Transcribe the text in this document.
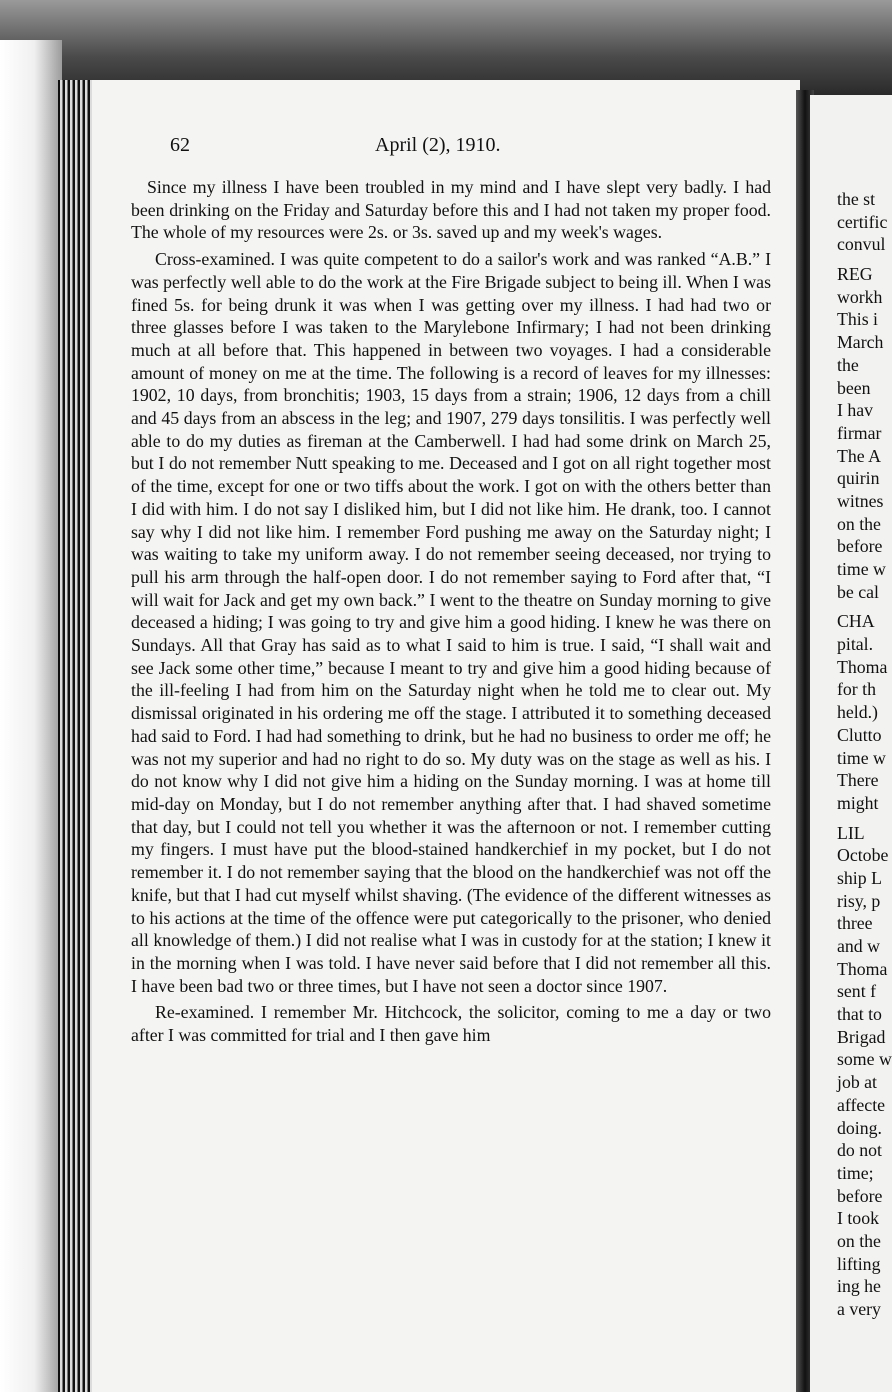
62	April (2), 1910.

Since my illness I have been troubled in my mind and I have slept very badly. I had been drinking on the Friday and Saturday before this and I had not taken my proper food. The whole of my resources were 2s. or 3s. saved up and my week's wages.

Cross-examined. I was quite competent to do a sailor's work and was ranked “A.B.” I was perfectly well able to do the work at the Fire Brigade subject to being ill. When I was fined 5s. for being drunk it was when I was getting over my illness. I had had two or three glasses before I was taken to the Marylebone Infirmary; I had not been drinking much at all before that. This happened in between two voyages. I had a considerable amount of money on me at the time. The following is a record of leaves for my illnesses: 1902, 10 days, from bronchitis; 1903, 15 days from a strain; 1906, 12 days from a chill and 45 days from an abscess in the leg; and 1907, 279 days tonsilitis. I was perfectly well able to do my duties as fireman at the Camberwell. I had had some drink on March 25, but I do not remember Nutt speaking to me. Deceased and I got on all right together most of the time, except for one or two tiffs about the work. I got on with the others better than I did with him. I do not say I disliked him, but I did not like him. He drank, too. I cannot say why I did not like him. I remember Ford pushing me away on the Saturday night; I was waiting to take my uniform away. I do not remember seeing deceased, nor trying to pull his arm through the half-open door. I do not remember saying to Ford after that, “I will wait for Jack and get my own back.” I went to the theatre on Sunday morning to give deceased a hiding; I was going to try and give him a good hiding. I knew he was there on Sundays. All that Gray has said as to what I said to him is true. I said, “I shall wait and see Jack some other time,” because I meant to try and give him a good hiding because of the ill-feeling I had from him on the Saturday night when he told me to clear out. My dismissal originated in his ordering me off the stage. I attributed it to something deceased had said to Ford. I had had something to drink, but he had no business to order me off; he was not my superior and had no right to do so. My duty was on the stage as well as his. I do not know why I did not give him a hiding on the Sunday morning. I was at home till mid-day on Monday, but I do not remember anything after that. I had shaved sometime that day, but I could not tell you whether it was the afternoon or not. I remember cutting my fingers. I must have put the blood-stained handkerchief in my pocket, but I do not remember it. I do not remember saying that the blood on the handkerchief was not off the knife, but that I had cut myself whilst shaving. (The evidence of the different witnesses as to his actions at the time of the offence were put categorically to the prisoner, who denied all knowledge of them.) I did not realise what I was in custody for at the station; I knew it in the morning when I was told. I have never said before that I did not remember all this. I have been bad two or three times, but I have not seen a doctor since 1907.

Re-examined. I remember Mr. Hitchcock, the solicitor, coming to me a day or two after I was committed for trial and I then gave him

the st
certific
convul
REG
workh
This i
March
the
been
I hav
firmar
The A
quirin
witnes
on the
before
time w
be cal
CHA
pital.
Thoma
for th
held.)
Clutto
time w
There
might
LIL
Octobe
ship L
risy, p
three
and w
Thoma
sent f
that to
Brigad
some w
job at
affecte
doing.
do not
time;
before
I took
on the
lifting
ing he
a very
